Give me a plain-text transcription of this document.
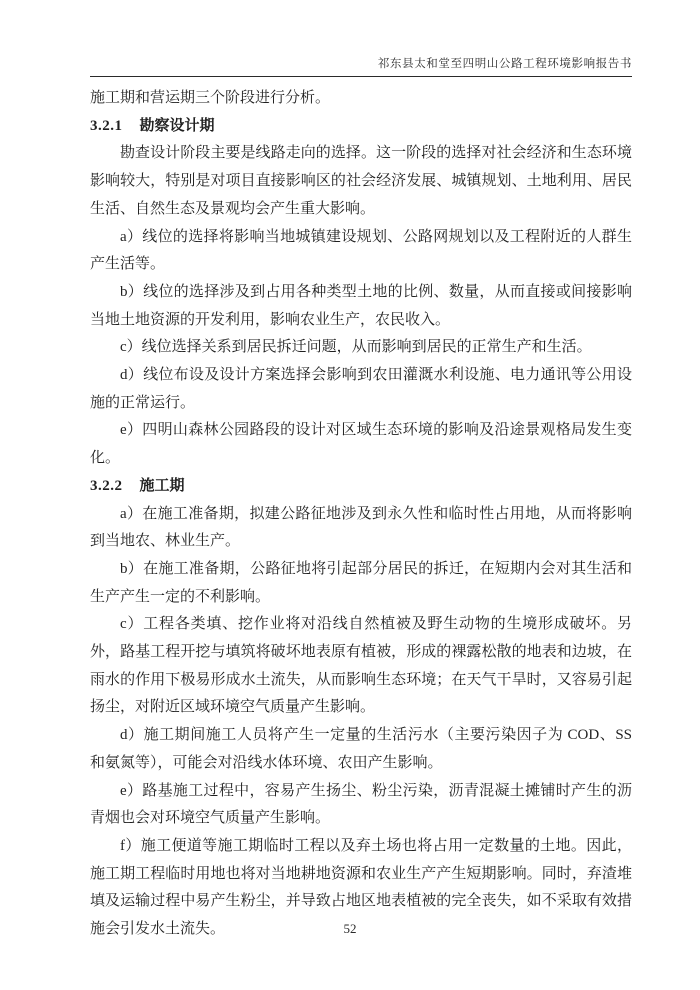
祁东县太和堂至四明山公路工程环境影响报告书

施工期和营运期三个阶段进行分析。

3.2.1 勘察设计期

勘查设计阶段主要是线路走向的选择。这一阶段的选择对社会经济和生态环境影响较大，特别是对项目直接影响区的社会经济发展、城镇规划、土地利用、居民生活、自然生态及景观均会产生重大影响。

a）线位的选择将影响当地城镇建设规划、公路网规划以及工程附近的人群生产生活等。

b）线位的选择涉及到占用各种类型土地的比例、数量，从而直接或间接影响当地土地资源的开发利用，影响农业生产，农民收入。

c）线位选择关系到居民拆迁问题，从而影响到居民的正常生产和生活。

d）线位布设及设计方案选择会影响到农田灌溉水利设施、电力通讯等公用设施的正常运行。

e）四明山森林公园路段的设计对区域生态环境的影响及沿途景观格局发生变化。

3.2.2 施工期

a）在施工准备期，拟建公路征地涉及到永久性和临时性占用地，从而将影响到当地农、林业生产。

b）在施工准备期，公路征地将引起部分居民的拆迁，在短期内会对其生活和生产产生一定的不利影响。

c）工程各类填、挖作业将对沿线自然植被及野生动物的生境形成破坏。另外，路基工程开挖与填筑将破坏地表原有植被，形成的裸露松散的地表和边坡，在雨水的作用下极易形成水土流失，从而影响生态环境；在天气干旱时，又容易引起扬尘，对附近区域环境空气质量产生影响。

d）施工期间施工人员将产生一定量的生活污水（主要污染因子为 COD、SS 和氨氮等），可能会对沿线水体环境、农田产生影响。

e）路基施工过程中，容易产生扬尘、粉尘污染，沥青混凝土摊铺时产生的沥青烟也会对环境空气质量产生影响。

f）施工便道等施工期临时工程以及弃土场也将占用一定数量的土地。因此，施工期工程临时用地也将对当地耕地资源和农业生产产生短期影响。同时，弃渣堆填及运输过程中易产生粉尘，并导致占地区地表植被的完全丧失，如不采取有效措施会引发水土流失。	52
